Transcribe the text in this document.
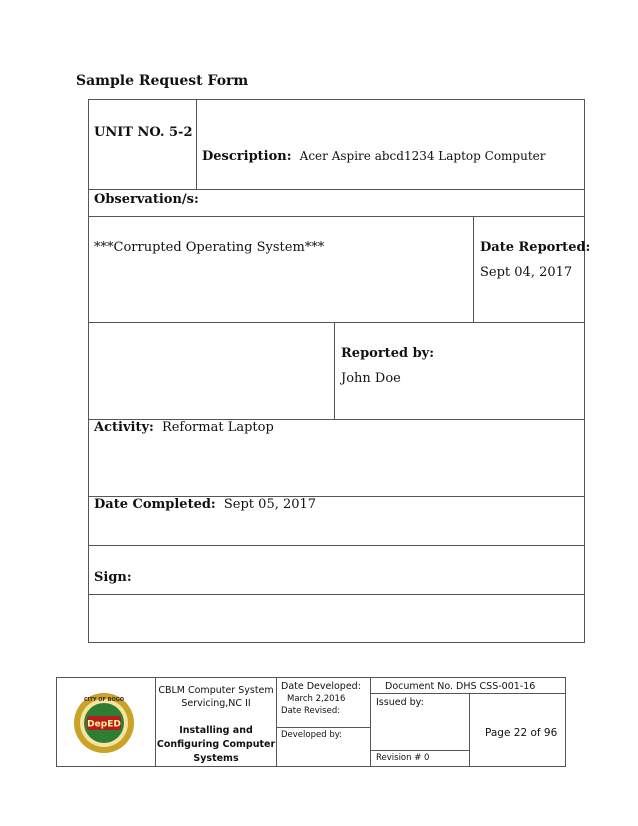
Sample Request Form
UNIT NO. 5-2
Description: Acer Aspire abcd1234 Laptop Computer
Observation/s:
***Corrupted Operating System***	Date Reported:
Sept 04, 2017
Reported by:
John Doe
Activity: Reformat Laptop
Date Completed: Sept 05, 2017
Sign:
DepED
CITY OF BOGO
CBLM Computer System
Servicing,NC II
Installing and
Configuring Computer
Systems
Date Developed:
March 2,2016
Date Revised:
Developed by:
Document No. DHS CSS-001-16
Issued by:
Revision # 0
Page 22 of 96
